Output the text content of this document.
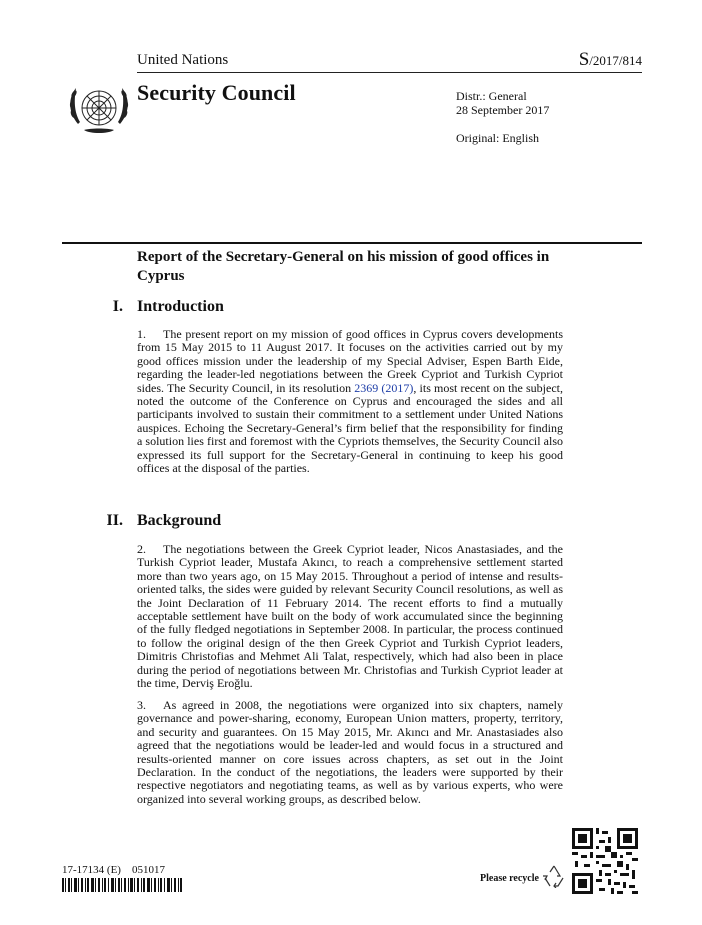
United Nations	S/2017/814
Security Council	Distr.: General
28 September 2017
Original: English
Report of the Secretary-General on his mission of good offices in Cyprus
I. Introduction

1. The present report on my mission of good offices in Cyprus covers developments from 15 May 2015 to 11 August 2017. It focuses on the activities carried out by my good offices mission under the leadership of my Special Adviser, Espen Barth Eide, regarding the leader-led negotiations between the Greek Cypriot and Turkish Cypriot sides. The Security Council, in its resolution 2369 (2017), its most recent on the subject, noted the outcome of the Conference on Cyprus and encouraged the sides and all participants involved to sustain their commitment to a settlement under United Nations auspices. Echoing the Secretary-General’s firm belief that the responsibility for finding a solution lies first and foremost with the Cypriots themselves, the Security Council also expressed its full support for the Secretary-General in continuing to keep his good offices at the disposal of the parties.

II. Background

2. The negotiations between the Greek Cypriot leader, Nicos Anastasiades, and the Turkish Cypriot leader, Mustafa Akıncı, to reach a comprehensive settlement started more than two years ago, on 15 May 2015. Throughout a period of intense and results-oriented talks, the sides were guided by relevant Security Council resolutions, as well as the Joint Declaration of 11 February 2014. The recent efforts to find a mutually acceptable settlement have built on the body of work accumulated since the beginning of the fully fledged negotiations in September 2008. In particular, the process continued to follow the original design of the then Greek Cypriot and Turkish Cypriot leaders, Dimitris Christofias and Mehmet Ali Talat, respectively, which had also been in place during the period of negotiations between Mr. Christofias and Turkish Cypriot leader at the time, Derviş Eroğlu.

3. As agreed in 2008, the negotiations were organized into six chapters, namely governance and power-sharing, economy, European Union matters, property, territory, and security and guarantees. On 15 May 2015, Mr. Akıncı and Mr. Anastasiades also agreed that the negotiations would be leader-led and would focus in a structured and results-oriented manner on core issues across chapters, as set out in the Joint Declaration. In the conduct of the negotiations, the leaders were supported by their respective negotiators and negotiating teams, as well as by various experts, who were organized into several working groups, as described below.

17-17134 (E)    051017
Please recycle
